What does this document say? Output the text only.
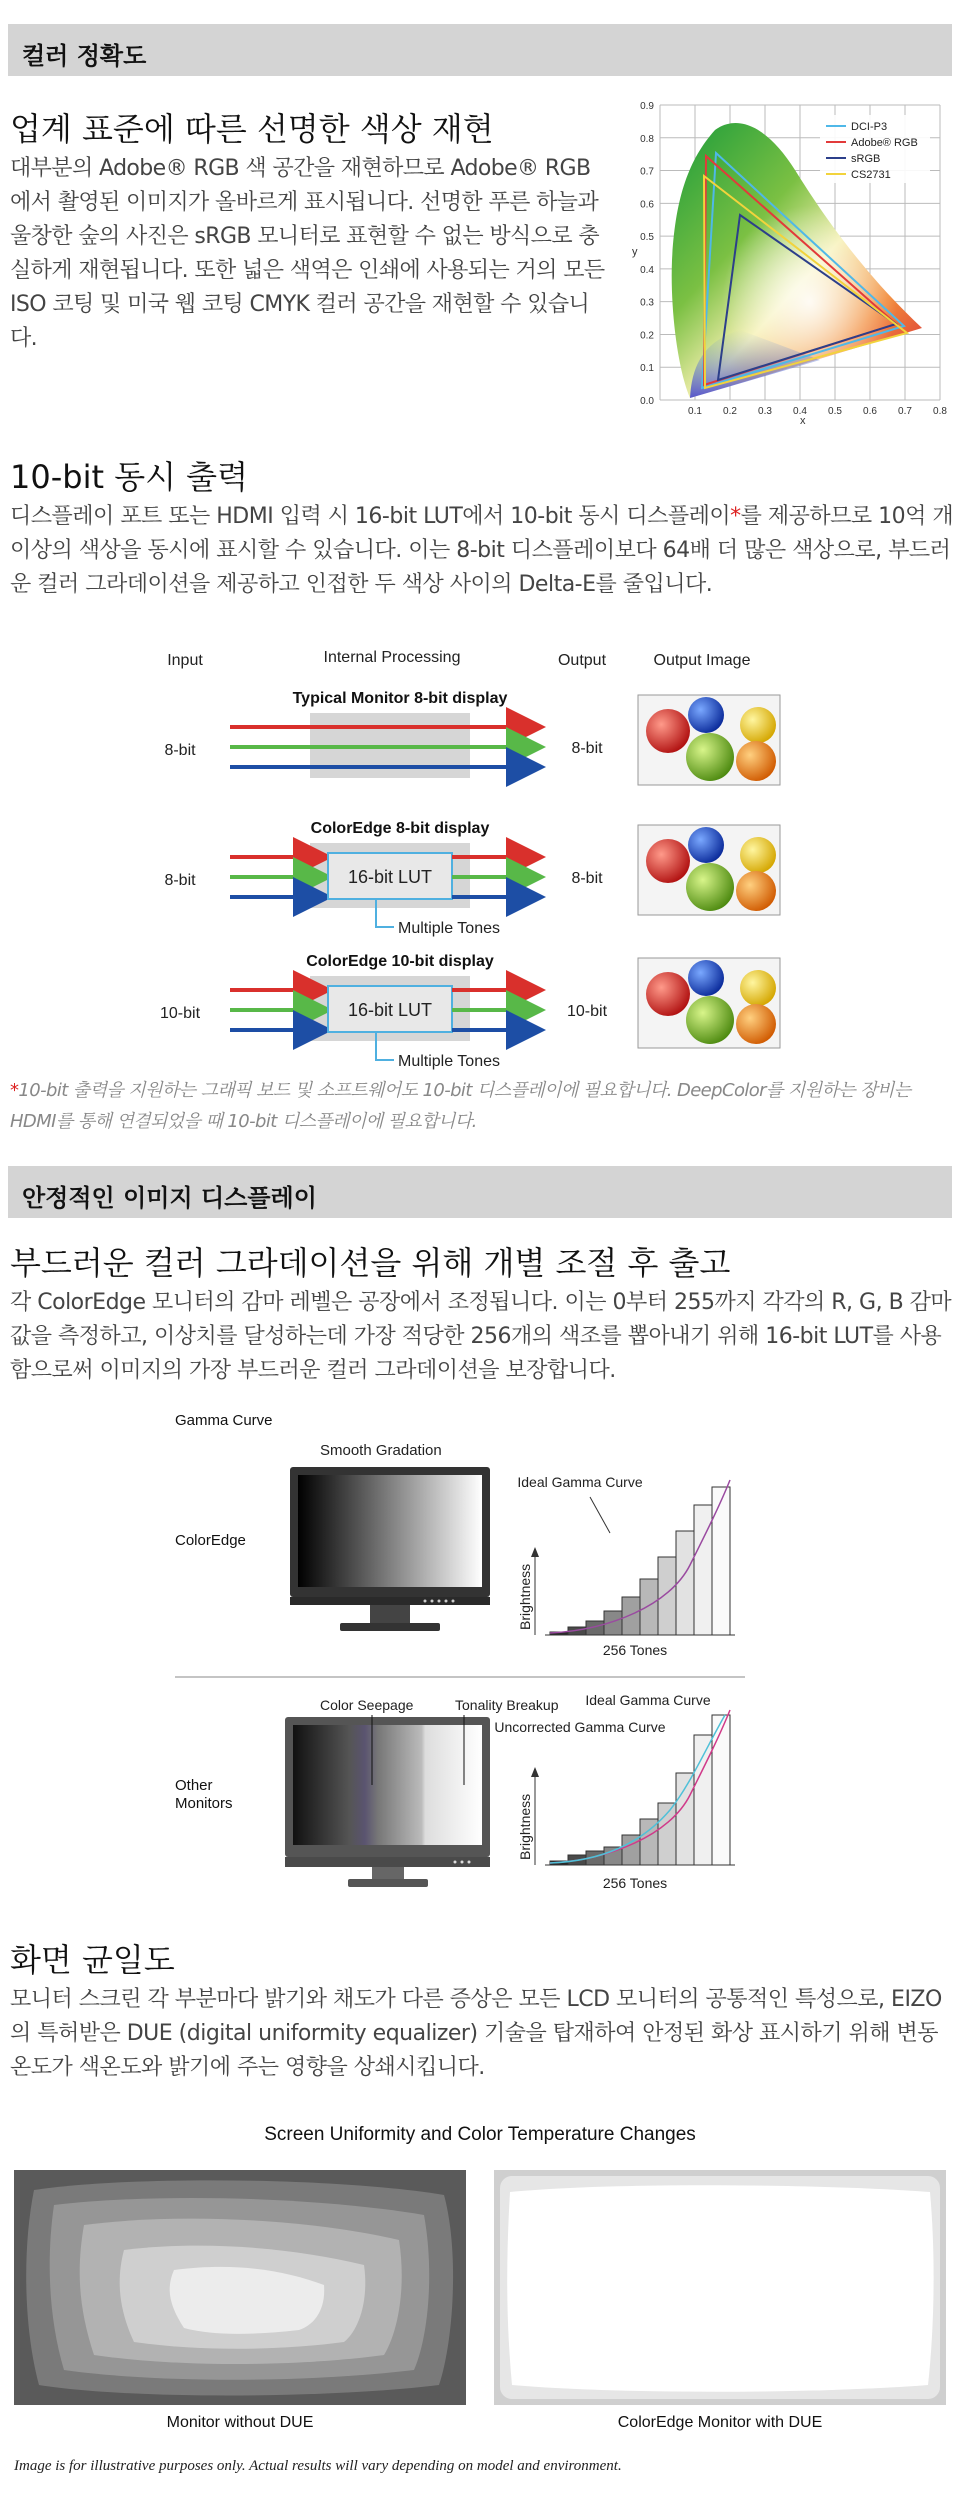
컬러 정확도
업계 표준에 따른 선명한 색상 재현

대부분의 Adobe® RGB 색 공간을 재현하므로 Adobe® RGB 에서 촬영된 이미지가 올바르게 표시됩니다. 선명한 푸른 하늘과 울창한 숲의 사진은 sRGB 모니터로 표현할 수 없는 방식으로 충실하게 재현됩니다. 또한 넓은 색역은 인쇄에 사용되는 거의 모든 ISO 코팅 및 미국 웹 코팅 CMYK 컬러 공간을 재현할 수 있습니다.

0.1 0.2 0.3 0.4 0.5 0.6 0.7 0.8
0.0
0.1
0.2
0.3
0.4
0.5
0.6
0.7
0.8
0.9
DCI-P3
Adobe® RGB
sRGB
CS2731
x
y
10-bit 동시 출력

디스플레이 포트 또는 HDMI 입력 시 16-bit LUT에서 10-bit 동시 디스플레이*를 제공하므로 10억 개 이상의 색상을 동시에 표시할 수 있습니다. 이는 8-bit 디스플레이보다 64배 더 많은 색상으로, 부드러운 컬러 그라데이션을 제공하고 인접한 두 색상 사이의 Delta-E를 줄입니다.

Input	Internal Processing	Output	Output Image
Typical Monitor 8-bit display
8-bit	8-bit
ColorEdge 8-bit display
8-bit	16-bit LUT
Multiple Tones
8-bit
ColorEdge 10-bit display
10-bit	16-bit LUT
Multiple Tones
10-bit

*10-bit 출력을 지원하는 그래픽 보드 및 소프트웨어도 10-bit 디스플레이에 필요합니다. DeepColor를 지원하는 장비는 HDMI를 통해 연결되었을 때 10-bit 디스플레이에 필요합니다.

안정적인 이미지 디스플레이
부드러운 컬러 그라데이션을 위해 개별 조절 후 출고

각 ColorEdge 모니터의 감마 레벨은 공장에서 조정됩니다. 이는 0부터 255까지 각각의 R, G, B 감마값을 측정하고, 이상치를 달성하는데 가장 적당한 256개의 색조를 뽑아내기 위해 16-bit LUT를 사용함으로써 이미지의 가장 부드러운 컬러 그라데이션을 보장합니다.

Gamma Curve
Smooth Gradation
ColorEdge
Ideal Gamma Curve
Brightness
256 Tones
Color Seepage	Tonality Breakup
Other
Monitors
Ideal Gamma Curve
Uncorrected Gamma Curve
Brightness
256 Tones
화면 균일도

모니터 스크린 각 부분마다 밝기와 채도가 다른 증상은 모든 LCD 모니터의 공통적인 특성으로, EIZO의 특허받은 DUE (digital uniformity equalizer) 기술을 탑재하여 안정된 화상 표시하기 위해 변동 온도가 색온도와 밝기에 주는 영향을 상쇄시킵니다.

Screen Uniformity and Color Temperature Changes
Monitor without DUE	ColorEdge Monitor with DUE
Image is for illustrative purposes only. Actual results will vary depending on model and environment.
